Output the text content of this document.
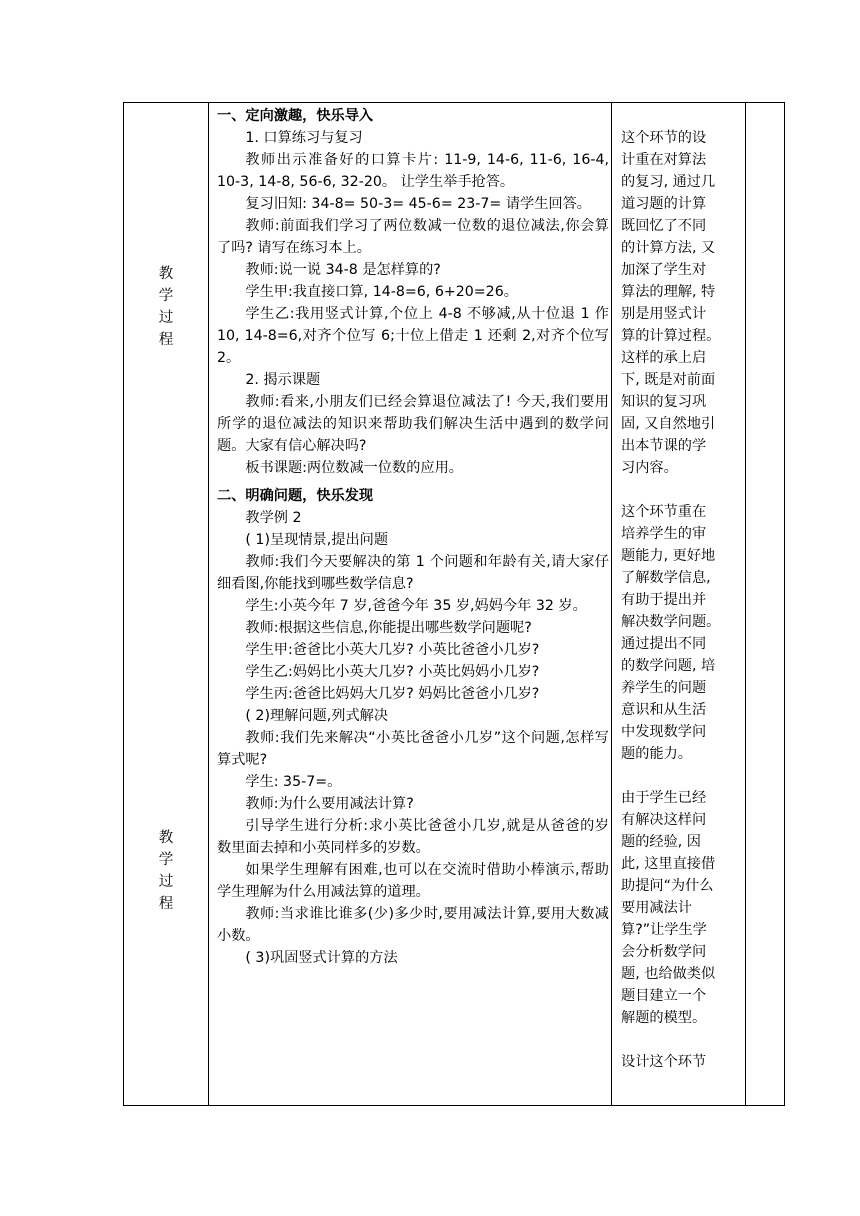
教
学
过
程
教
学
过
程

一、定向激趣，快乐导入

1. 口算练习与复习

教师出示准备好的口算卡片: 11-9, 14-6, 11-6, 16-4, 10-3, 14-8, 56-6, 32-20。 让学生举手抢答。

复习旧知: 34-8= 50-3= 45-6= 23-7= 请学生回答。

教师:前面我们学习了两位数减一位数的退位减法,你会算了吗? 请写在练习本上。

教师:说一说 34-8 是怎样算的?

学生甲:我直接口算, 14-8=6, 6+20=26。

学生乙:我用竖式计算,个位上 4-8 不够减,从十位退 1 作 10, 14-8=6,对齐个位写 6;十位上借走 1 还剩 2,对齐个位写 2。

2. 揭示课题

教师:看来,小朋友们已经会算退位减法了! 今天,我们要用所学的退位减法的知识来帮助我们解决生活中遇到的数学问题。大家有信心解决吗?

板书课题:两位数减一位数的应用。

二、明确问题，快乐发现

教学例 2

( 1)呈现情景,提出问题

教师:我们今天要解决的第 1 个问题和年龄有关,请大家仔细看图,你能找到哪些数学信息?

学生:小英今年 7 岁,爸爸今年 35 岁,妈妈今年 32 岁。

教师:根据这些信息,你能提出哪些数学问题呢?

学生甲:爸爸比小英大几岁? 小英比爸爸小几岁?

学生乙:妈妈比小英大几岁? 小英比妈妈小几岁?

学生丙:爸爸比妈妈大几岁? 妈妈比爸爸小几岁?

( 2)理解问题,列式解决

教师:我们先来解决“小英比爸爸小几岁”这个问题,怎样写算式呢?

学生: 35-7=。

教师:为什么要用减法计算?

引导学生进行分析:求小英比爸爸小几岁,就是从爸爸的岁数里面去掉和小英同样多的岁数。

如果学生理解有困难,也可以在交流时借助小棒演示,帮助学生理解为什么用减法算的道理。

教师:当求谁比谁多(少)多少时,要用减法计算,要用大数减小数。

( 3)巩固竖式计算的方法

这个环节的设

计重在对算法

的复习, 通过几

道习题的计算

既回忆了不同

的计算方法, 又

加深了学生对

算法的理解, 特

别是用竖式计

算的计算过程。

这样的承上启

下, 既是对前面

知识的复习巩

固, 又自然地引

出本节课的学

习内容。

这个环节重在

培养学生的审

题能力, 更好地

了解数学信息,

有助于提出并

解决数学问题。

通过提出不同

的数学问题, 培

养学生的问题

意识和从生活

中发现数学问

题的能力。

由于学生已经

有解决这样问

题的经验, 因

此, 这里直接借

助提问“为什么

要用减法计

算?”让学生学

会分析数学问

题, 也给做类似

题目建立一个

解题的模型。

设计这个环节
